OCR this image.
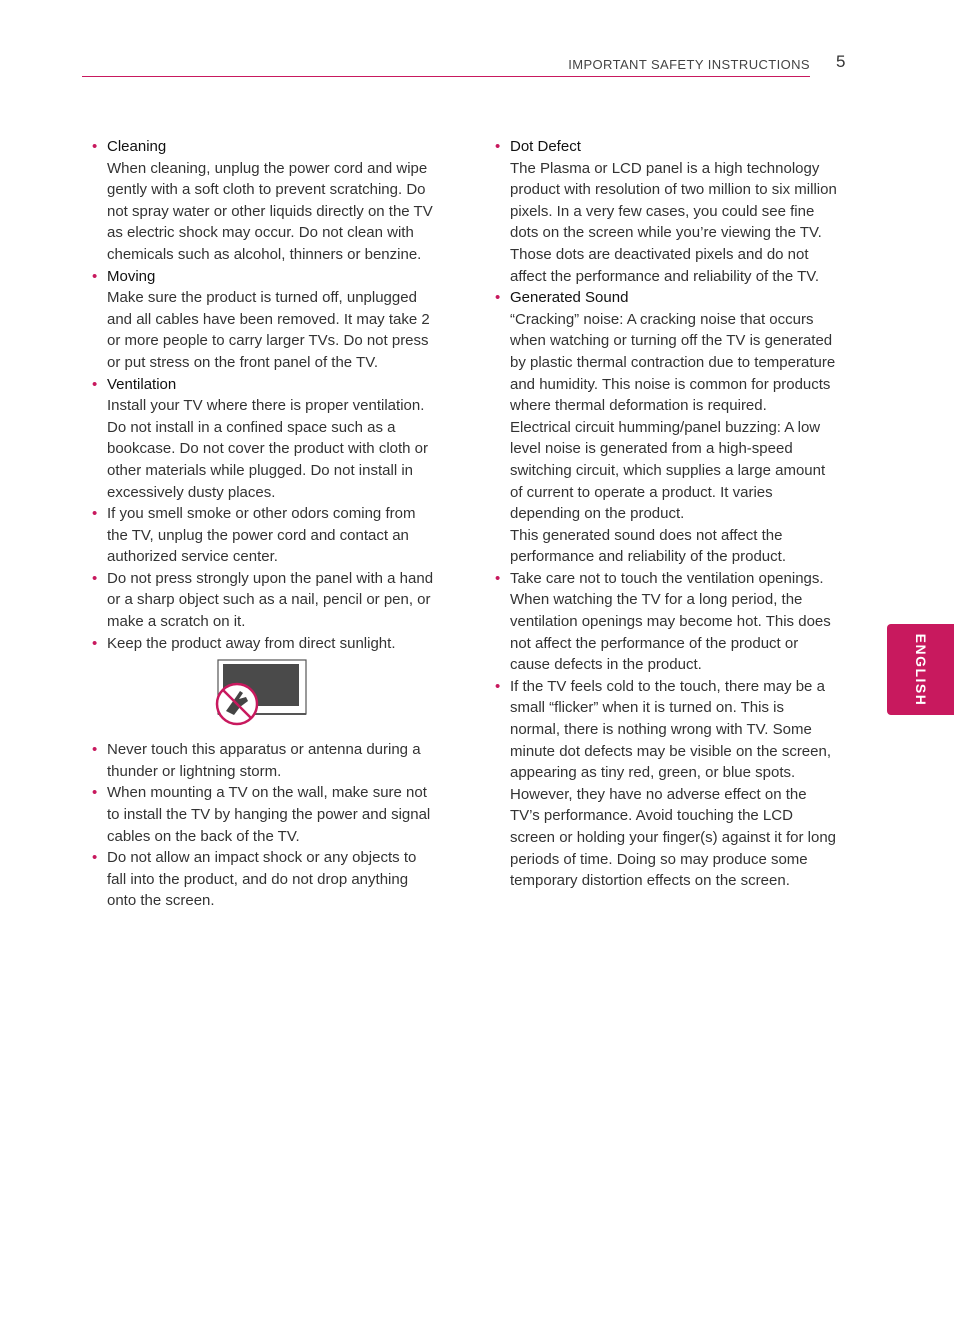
IMPORTANT SAFETY INSTRUCTIONS 5
• Cleaning
When cleaning, unplug the power cord and wipe gently with a soft cloth to prevent scratching. Do not spray water or other liquids directly on the TV as electric shock may occur. Do not clean with chemicals such as alcohol, thinners or benzine.
• Moving
Make sure the product is turned off, unplugged and all cables have been removed. It may take 2 or more people to carry larger TVs. Do not press or put stress on the front panel of the TV.
• Ventilation
Install your TV where there is proper ventilation. Do not install in a confined space such as a bookcase. Do not cover the product with cloth or other materials while plugged. Do not install in excessively dusty places.
• If you smell smoke or other odors coming from the TV, unplug the power cord and contact an authorized service center.
• Do not press strongly upon the panel with a hand or a sharp object such as a nail, pencil or pen, or make a scratch on it.
• Keep the product away from direct sunlight.
• Never touch this apparatus or antenna during a thunder or lightning storm.
• When mounting a TV on the wall, make sure not to install the TV by hanging the power and signal cables on the back of the TV.
• Do not allow an impact shock or any objects to fall into the product, and do not drop anything onto the screen.
• Dot Defect
The Plasma or LCD panel is a high technology product with resolution of two million to six million pixels. In a very few cases, you could see fine dots on the screen while you’re viewing the TV. Those dots are deactivated pixels and do not affect the performance and reliability of the TV.
• Generated Sound
“Cracking” noise: A cracking noise that occurs when watching or turning off the TV is generated by plastic thermal contraction due to temperature and humidity. This noise is common for products where thermal deformation is required.
Electrical circuit humming/panel buzzing: A low level noise is generated from a high-speed switching circuit, which supplies a large amount of current to operate a product. It varies depending on the product.
This generated sound does not affect the performance and reliability of the product.
• Take care not to touch the ventilation openings. When watching the TV for a long period, the ventilation openings may become hot. This does not affect the performance of the product or cause defects in the product.
• If the TV feels cold to the touch, there may be a small “flicker” when it is turned on. This is normal, there is nothing wrong with TV. Some minute dot defects may be visible on the screen, appearing as tiny red, green, or blue spots. However, they have no adverse effect on the TV’s performance. Avoid touching the LCD screen or holding your finger(s) against it for long periods of time. Doing so may produce some temporary distortion effects on the screen.
ENGLISH
